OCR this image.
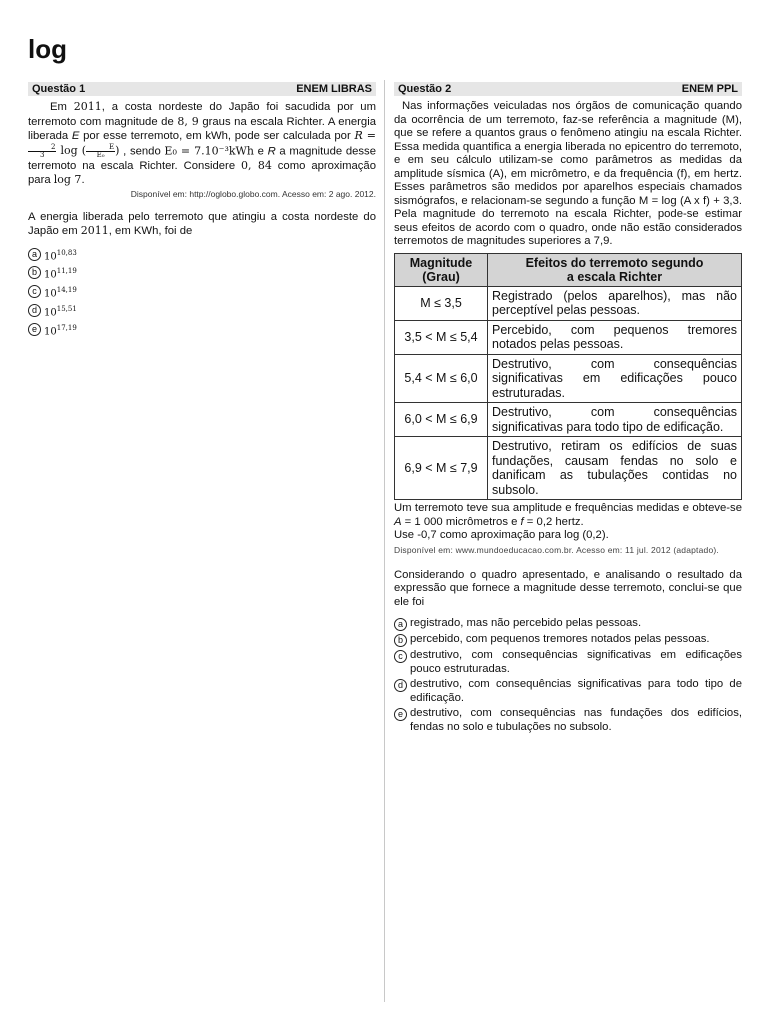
log
Questão 1	ENEM LIBRAS

Em 2011, a costa nordeste do Japão foi sacudida por um terremoto com magnitude de 8, 9 graus na escala Richter. A energia liberada E por esse terremoto, em kWh, pode ser calculada por R =
$\frac{2}{3}$ log ( $\frac{E}{\text{E₀}}$) , sendo E₀ = 7.10⁻³kWh e R a magnitude desse terremoto na escala Richter. Considere 0, 84 como aproximação para log 7.

Disponível em: http://oglobo.globo.com. Acesso em: 2 ago. 2012.

A energia liberada pelo terremoto que atingiu a costa nordeste do Japão em 2011, em KWh, foi de

a 10$^{10,83}$
b 10$^{11,19}$
c 10$^{14,19}$
d 10$^{15,51}$
e 10$^{17,19}$
Questão 2	ENEM PPL

Nas informações veiculadas nos órgãos de comunicação quando da ocorrência de um terremoto, faz-se referência a magnitude (M), que se refere a quantos graus o fenômeno atingiu na escala Richter. Essa medida quantifica a energia liberada no epicentro do terremoto, e em seu cálculo utilizam-se como parâmetros as medidas da amplitude sísmica (A), em micrômetro, e da frequência (f), em hertz. Esses parâmetros são medidos por aparelhos especiais chamados sismógrafos, e relacionam-se segundo a função M = log (A x f) + 3,3. Pela magnitude do terremoto na escala Richter, pode-se estimar seus efeitos de acordo com o quadro, onde não estão considerados terremotos de magnitudes superiores a 7,9.

Magnitude
(Grau)	Efeitos do terremoto segundo
a escala Richter
M ≤ 3,5	Registrado (pelos aparelhos), mas não perceptível pelas pessoas.
3,5 < M ≤ 5,4	Percebido, com pequenos tremores notados pelas pessoas.
5,4 < M ≤ 6,0	Destrutivo, com consequências significativas em edificações pouco estruturadas.
6,0 < M ≤ 6,9	Destrutivo, com consequências significativas para todo tipo de edificação.
6,9 < M ≤ 7,9	Destrutivo, retiram os edifícios de suas fundações, causam fendas no solo e danificam as tubulações contidas no subsolo.

Um terremoto teve sua amplitude e frequências medidas e obteve-se A = 1 000 micrômetros e f = 0,2 hertz.

Use -0,7 como aproximação para log (0,2).

Disponível em: www.mundoeducacao.com.br. Acesso em: 11 jul. 2012 (adaptado).

Considerando o quadro apresentado, e analisando o resultado da expressão que fornece a magnitude desse terremoto, conclui-se que ele foi

a registrado, mas não percebido pelas pessoas.
b percebido, com pequenos tremores notados pelas pessoas.
c destrutivo, com consequências significativas em edificações pouco estruturadas.
d destrutivo, com consequências significativas para todo tipo de edificação.
e destrutivo, com consequências nas fundações dos edifícios, fendas no solo e tubulações no subsolo.
